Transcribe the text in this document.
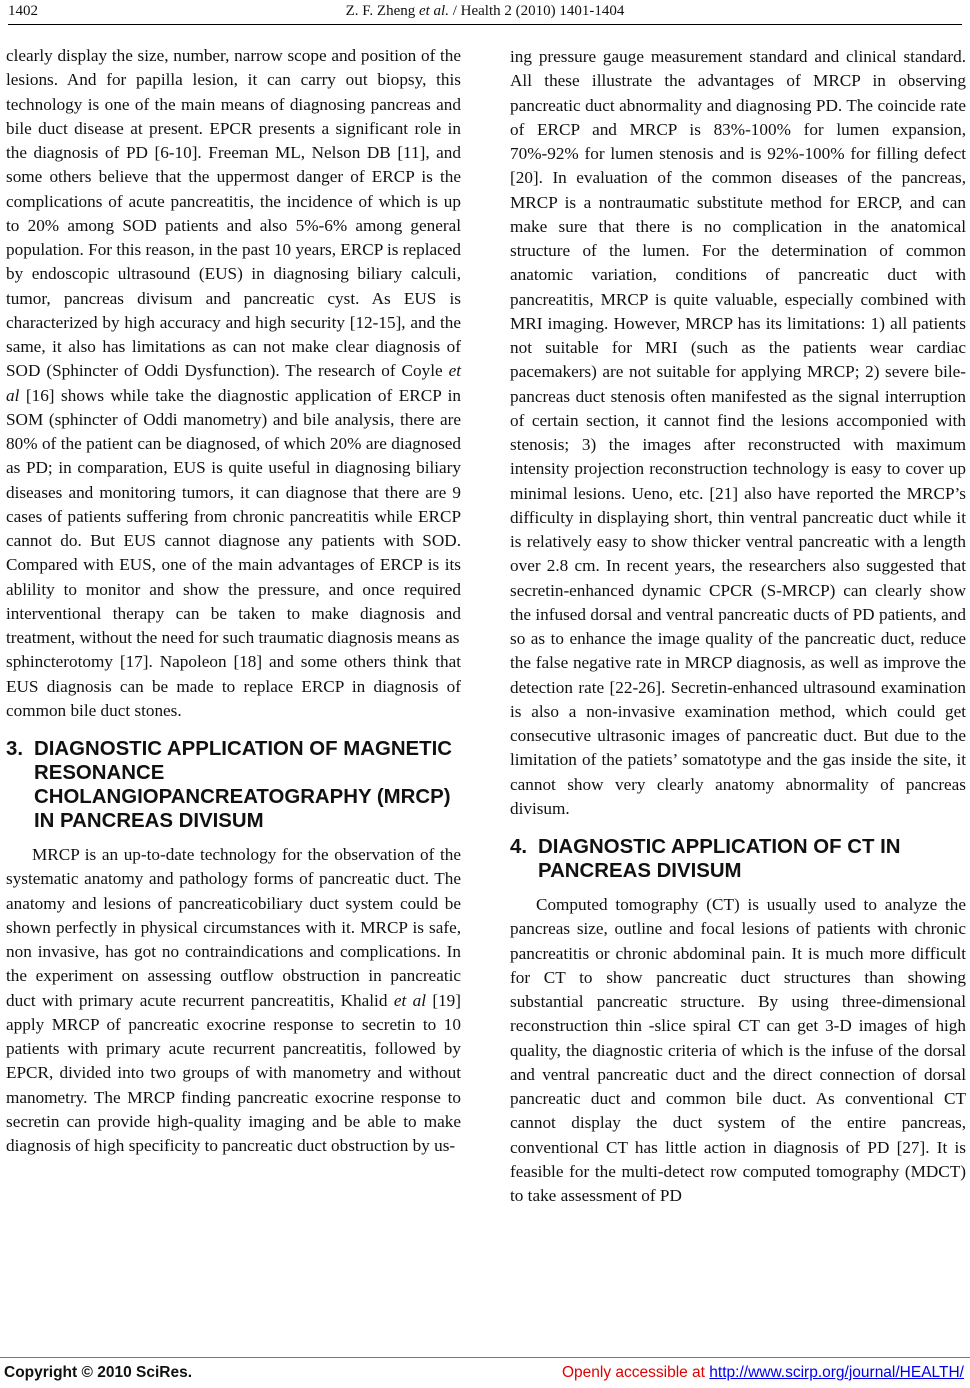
1402	Z. F. Zheng et al. / Health 2 (2010) 1401-1404

clearly display the size, number, narrow scope and position of the lesions. And for papilla lesion, it can carry out biopsy, this technology is one of the main means of diagnosing pancreas and bile duct disease at present. EPCR presents a significant role in the diagnosis of PD [6-10]. Freeman ML, Nelson DB [11], and some others believe that the uppermost danger of ERCP is the complications of acute pancreatitis, the incidence of which is up to 20% among SOD patients and also 5%-6% among general population. For this reason, in the past 10 years, ERCP is replaced by endoscopic ultrasound (EUS) in diagnosing biliary calculi, tumor, pancreas divisum and pancreatic cyst. As EUS is characterized by high accuracy and high security [12-15], and the same, it also has limitations as can not make clear diagnosis of SOD (Sphincter of Oddi Dysfunction). The research of Coyle et al [16] shows while take the diagnostic application of ERCP in SOM (sphincter of Oddi manometry) and bile analysis, there are 80% of the patient can be diagnosed, of which 20% are diagnosed as PD; in comparation, EUS is quite useful in diagnosing biliary diseases and monitoring tumors, it can diagnose that there are 9 cases of patients suffering from chronic pancreatitis while ERCP cannot do. But EUS cannot diagnose any patients with SOD. Compared with EUS, one of the main advantages of ERCP is its ablility to monitor and show the pressure, and once required interventional therapy can be taken to make diagnosis and treatment, without the need for such traumatic diagnosis means as

sphincterotomy [17]. Napoleon [18] and some others think that EUS diagnosis can be made to replace ERCP in diagnosis of common bile duct stones.

3. DIAGNOSTIC APPLICATION OF MAGNETIC RESONANCE CHOLANGIOPANCREATOGRAPHY (MRCP) IN PANCREAS DIVISUM

MRCP is an up-to-date technology for the observation of the systematic anatomy and pathology forms of pancreatic duct. The anatomy and lesions of pancreaticobiliary duct system could be shown perfectly in physical circumstances with it. MRCP is safe, non invasive, has got no contraindications and complications. In the experiment on assessing outflow obstruction in pancreatic duct with primary acute recurrent pancreatitis, Khalid et al [19] apply MRCP of pancreatic exocrine response to secretin to 10 patients with primary acute recurrent pancreatitis, followed by EPCR, divided into two groups of with manometry and without manometry. The MRCP finding pancreatic exocrine response to secretin can provide high-quality imaging and be able to make diagnosis of high specificity to pancreatic duct obstruction by us-

ing pressure gauge measurement standard and clinical standard. All these illustrate the advantages of MRCP in observing pancreatic duct abnormality and diagnosing PD. The coincide rate of ERCP and MRCP is 83%-100% for lumen expansion, 70%-92% for lumen stenosis and is 92%-100% for filling defect [20]. In evaluation of the common diseases of the pancreas, MRCP is a nontraumatic substitute method for ERCP, and can make sure that there is no complication in the anatomical structure of the lumen. For the determination of common anatomic variation, conditions of pancreatic duct with pancreatitis, MRCP is quite valuable, especially combined with MRI imaging. However, MRCP has its limitations: 1) all patients not suitable for MRI (such as the patients wear cardiac pacemakers) are not suitable for applying MRCP; 2) severe bile-pancreas duct stenosis often manifested as the signal interruption of certain section, it cannot find the lesions accomponied with stenosis; 3) the images after reconstructed with maximum intensity projection reconstruction technology is easy to cover up minimal lesions. Ueno, etc. [21] also have reported the MRCP’s difficulty in displaying short, thin ventral pancreatic duct while it is relatively easy to show thicker ventral pancreatic with a length over 2.8 cm. In recent years, the researchers also suggested that secretin-enhanced dynamic CPCR (S-MRCP) can clearly show the infused dorsal and ventral pancreatic ducts of PD patients, and so as to enhance the image quality of the pancreatic duct, reduce the false negative rate in MRCP diagnosis, as well as improve the detection rate [22-26]. Secretin-enhanced ultrasound examination is also a non-invasive examination method, which could get consecutive ultrasonic images of pancreatic duct. But due to the limitation of the patiets’ somatotype and the gas inside the site, it cannot show very clearly anatomy abnormality of pancreas divisum.

4. DIAGNOSTIC APPLICATION OF CT IN PANCREAS DIVISUM

Computed tomography (CT) is usually used to analyze the pancreas size, outline and focal lesions of patients with chronic pancreatitis or chronic abdominal pain. It is much more difficult for CT to show pancreatic duct structures than showing substantial pancreatic structure. By using three-dimensional reconstruction thin -slice spiral CT can get 3-D images of high quality, the diagnostic criteria of which is the infuse of the dorsal and ventral pancreatic duct and the direct connection of dorsal pancreatic duct and common bile duct. As conventional CT cannot display the duct system of the entire pancreas, conventional CT has little action in diagnosis of PD [27]. It is feasible for the multi-detect row computed tomography (MDCT) to take assessment of PD

Copyright © 2010 SciRes.	Openly accessible at http://www.scirp.org/journal/HEALTH/
